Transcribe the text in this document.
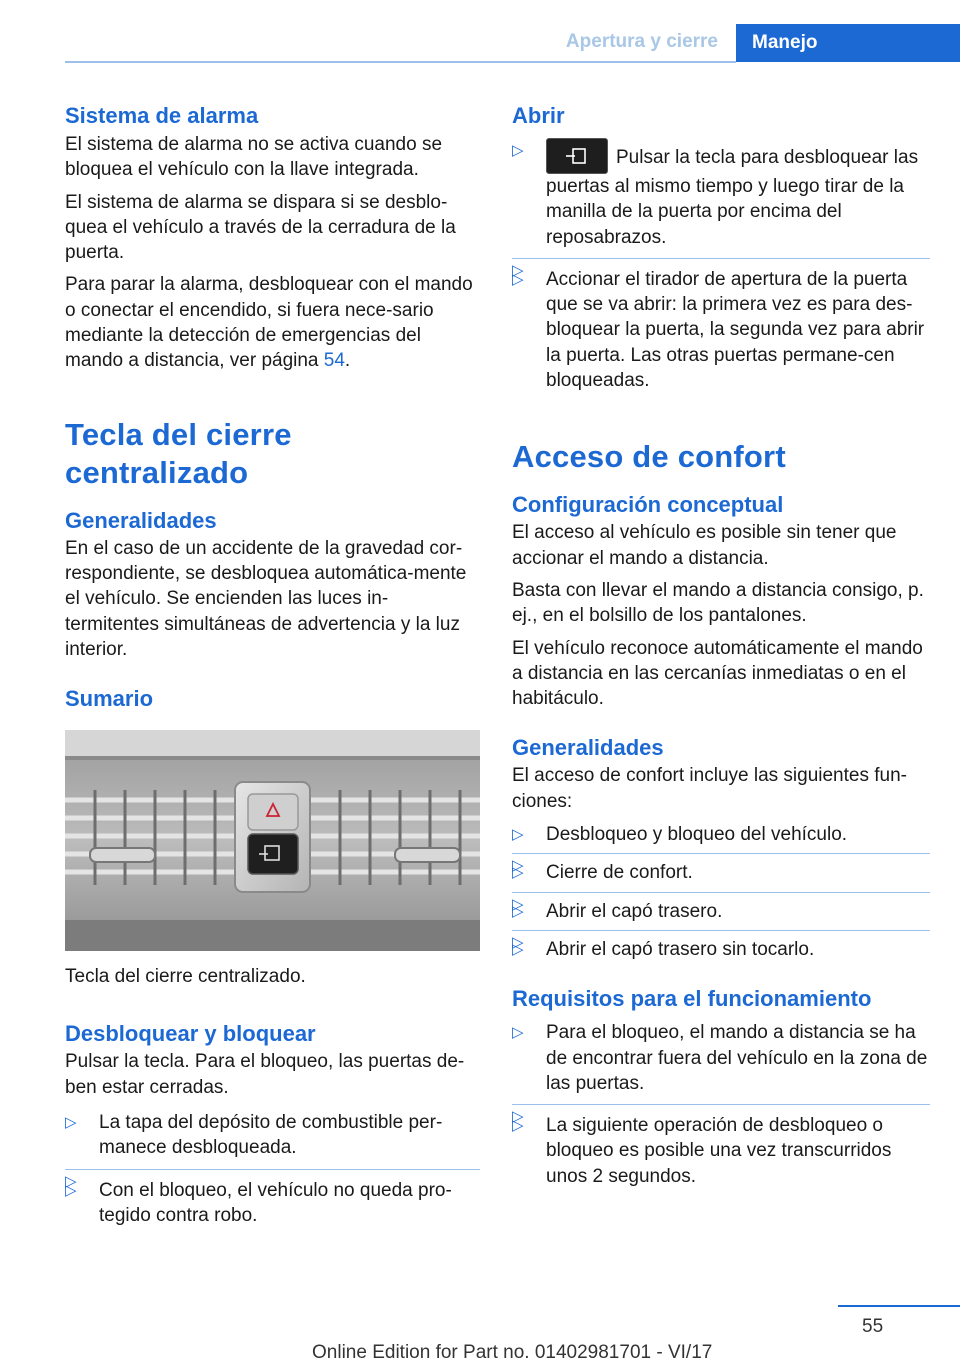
Apertura y cierre	Manejo
Sistema de alarma

El sistema de alarma no se activa cuando se bloquea el vehículo con la llave integrada.

El sistema de alarma se dispara si se desblo‐quea el vehículo a través de la cerradura de la puerta.

Para parar la alarma, desbloquear con el mando o conectar el encendido, si fuera nece‐sario mediante la detección de emergencias del mando a distancia, ver página 54.

Tecla del cierre centralizado
Generalidades

En el caso de un accidente de la gravedad cor‐respondiente, se desbloquea automática‐mente el vehículo. Se encienden las luces in‐termitentes simultáneas de advertencia y la luz interior.

Sumario

Tecla del cierre centralizado.

Desbloquear y bloquear

Pulsar la tecla. Para el bloqueo, las puertas de‐ben estar cerradas.

▷ La tapa del depósito de combustible per‐manece desbloqueada.
▷
▷ Con el bloqueo, el vehículo no queda pro‐tegido contra robo.
Abrir
▷ Pulsar la tecla para desbloquear las puertas al mismo tiempo y luego tirar de la manilla de la puerta por encima del reposabrazos.
▷
▷ Accionar el tirador de apertura de la puerta que se va abrir: la primera vez es para des‐bloquear la puerta, la segunda vez para abrir la puerta. Las otras puertas permane‐cen bloqueadas.
Acceso de confort
Configuración conceptual

El acceso al vehículo es posible sin tener que accionar el mando a distancia.

Basta con llevar el mando a distancia consigo, p. ej., en el bolsillo de los pantalones.

El vehículo reconoce automáticamente el mando a distancia en las cercanías inmediatas o en el habitáculo.

Generalidades

El acceso de confort incluye las siguientes fun‐ciones:

▷ Desbloqueo y bloqueo del vehículo.
▷
▷ Cierre de confort.
▷
▷ Abrir el capó trasero.
▷
▷ Abrir el capó trasero sin tocarlo.
Requisitos para el funcionamiento
▷ Para el bloqueo, el mando a distancia se ha de encontrar fuera del vehículo en la zona de las puertas.
▷
▷ La siguiente operación de desbloqueo o bloqueo es posible una vez transcurridos unos 2 segundos.
55
Online Edition for Part no. 01402981701 - VI/17
